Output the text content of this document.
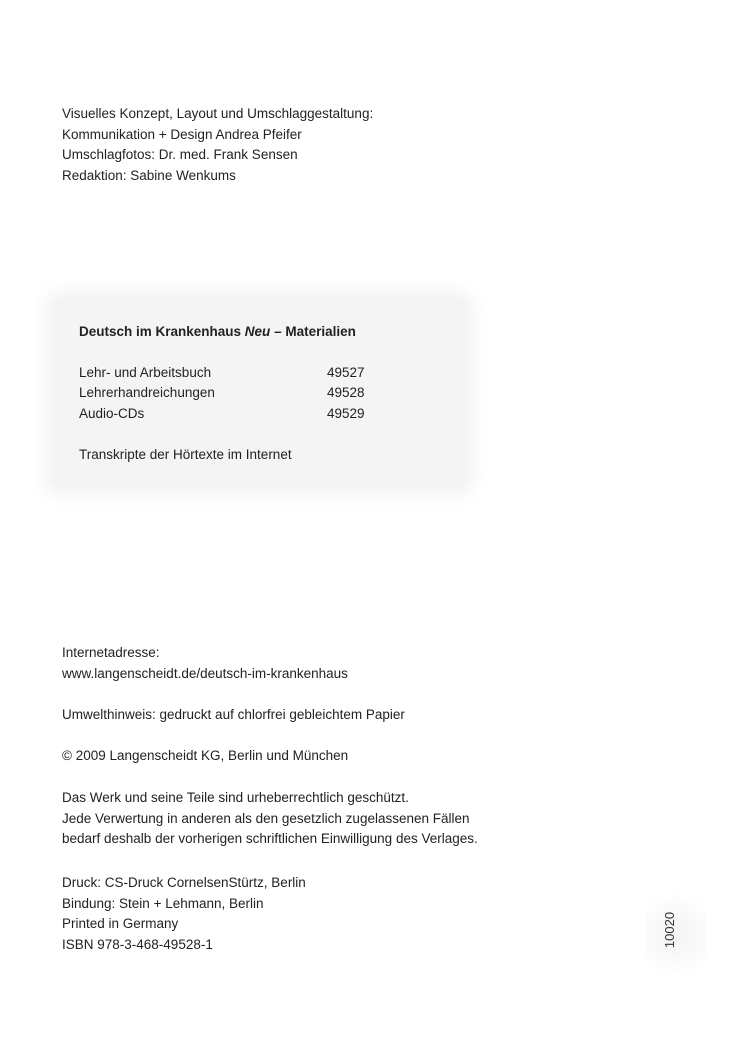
Visuelles Konzept, Layout und Umschlaggestaltung:
Kommunikation + Design Andrea Pfeifer
Umschlagfotos: Dr. med. Frank Sensen
Redaktion: Sabine Wenkums
Deutsch im Krankenhaus Neu – Materialien
Lehr- und Arbeitsbuch	49527
Lehrerhandreichungen	49528
Audio-CDs	49529
Transkripte der Hörtexte im Internet
Internetadresse:
www.langenscheidt.de/deutsch-im-krankenhaus
Umwelthinweis: gedruckt auf chlorfrei gebleichtem Papier
© 2009 Langenscheidt KG, Berlin und München
Das Werk und seine Teile sind urheberrechtlich geschützt.
Jede Verwertung in anderen als den gesetzlich zugelassenen Fällen
bedarf deshalb der vorherigen schriftlichen Einwilligung des Verlages.
Druck: CS-Druck CornelsenStürtz, Berlin
Bindung: Stein + Lehmann, Berlin
Printed in Germany
ISBN 978-3-468-49528-1	10020
